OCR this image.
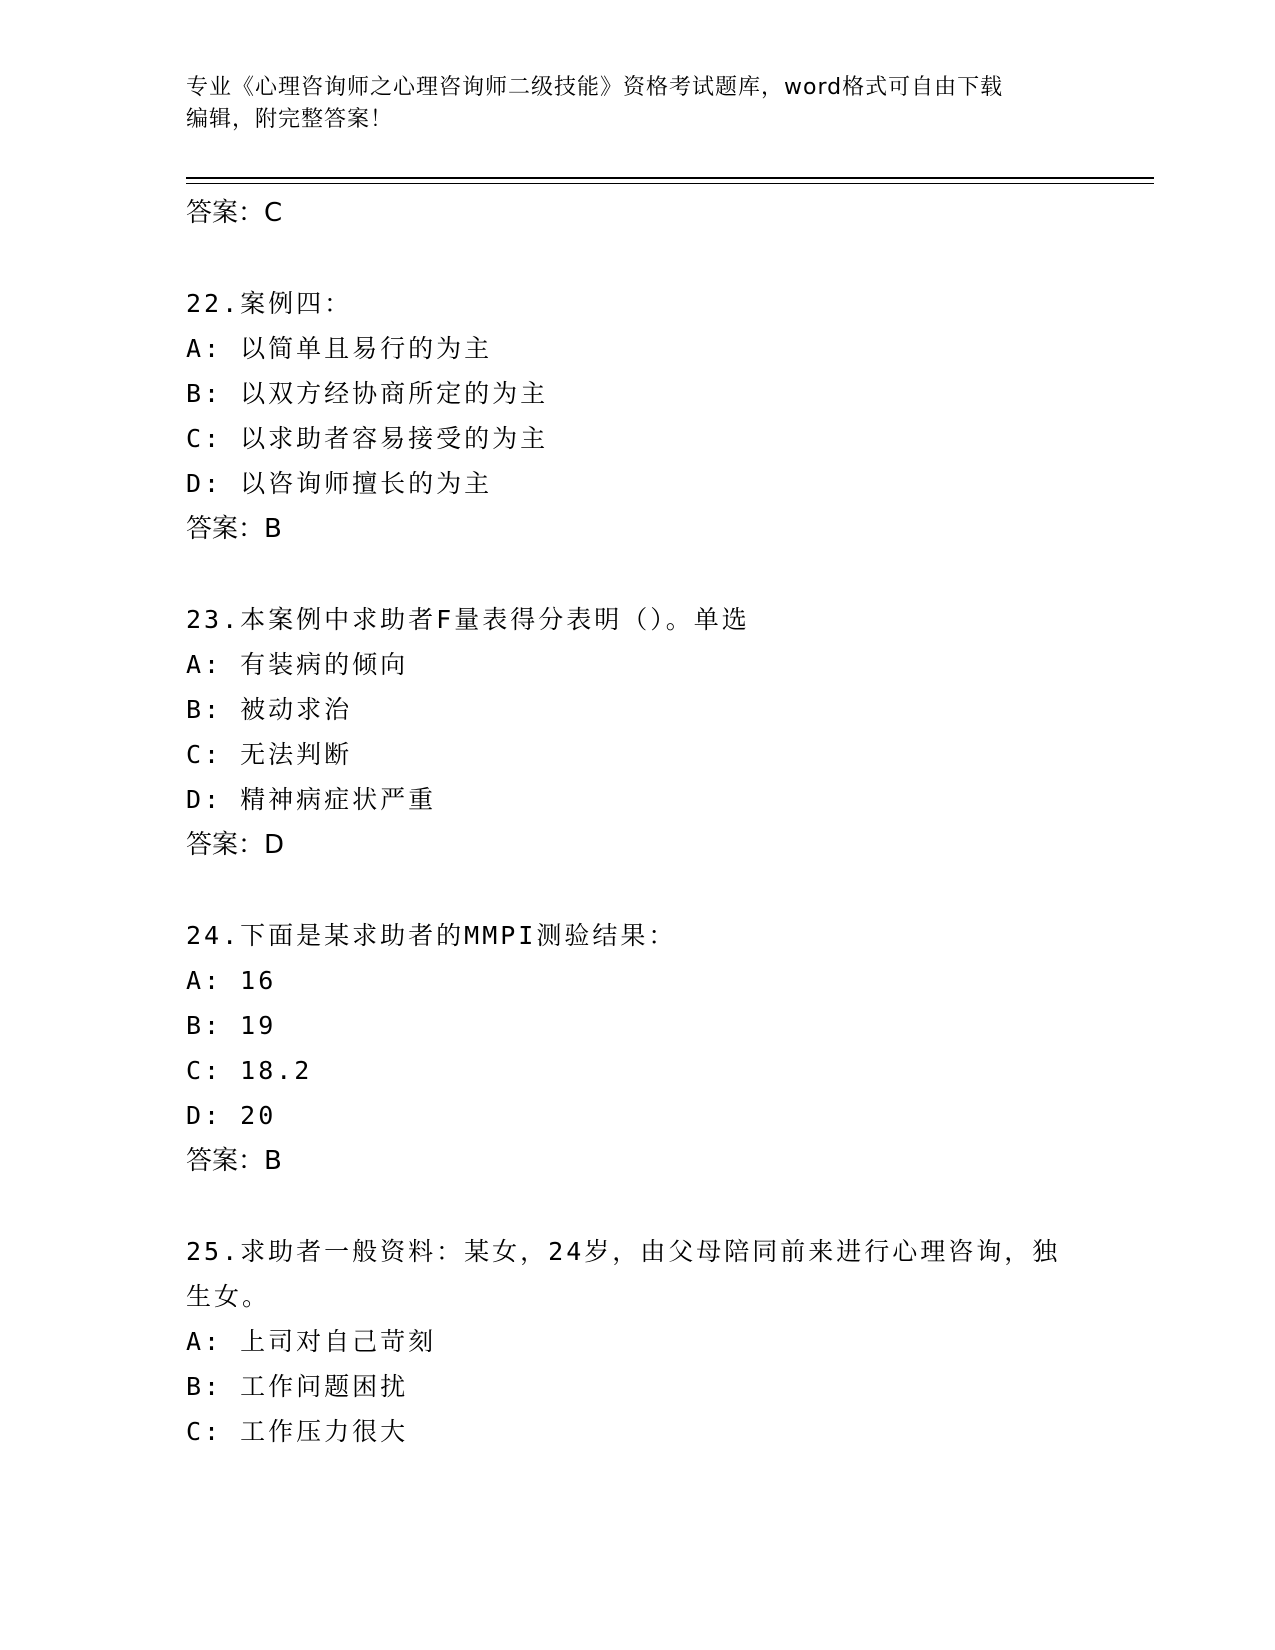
专业《心理咨询师之心理咨询师二级技能》资格考试题库，word格式可自由下载
编辑，附完整答案！
答案：C

22.案例四：

A: 以简单且易行的为主
B: 以双方经协商所定的为主
C: 以求助者容易接受的为主
D: 以咨询师擅长的为主
答案：B

23.本案例中求助者F量表得分表明（）。单选

A: 有装病的倾向
B: 被动求治
C: 无法判断
D: 精神病症状严重
答案：D

24.下面是某求助者的MMPI测验结果：

A: 16
B: 19
C: 18.2
D: 20
答案：B

25.求助者一般资料：某女，24岁，由父母陪同前来进行心理咨询，独生女。

A: 上司对自己苛刻
B: 工作问题困扰
C: 工作压力很大
